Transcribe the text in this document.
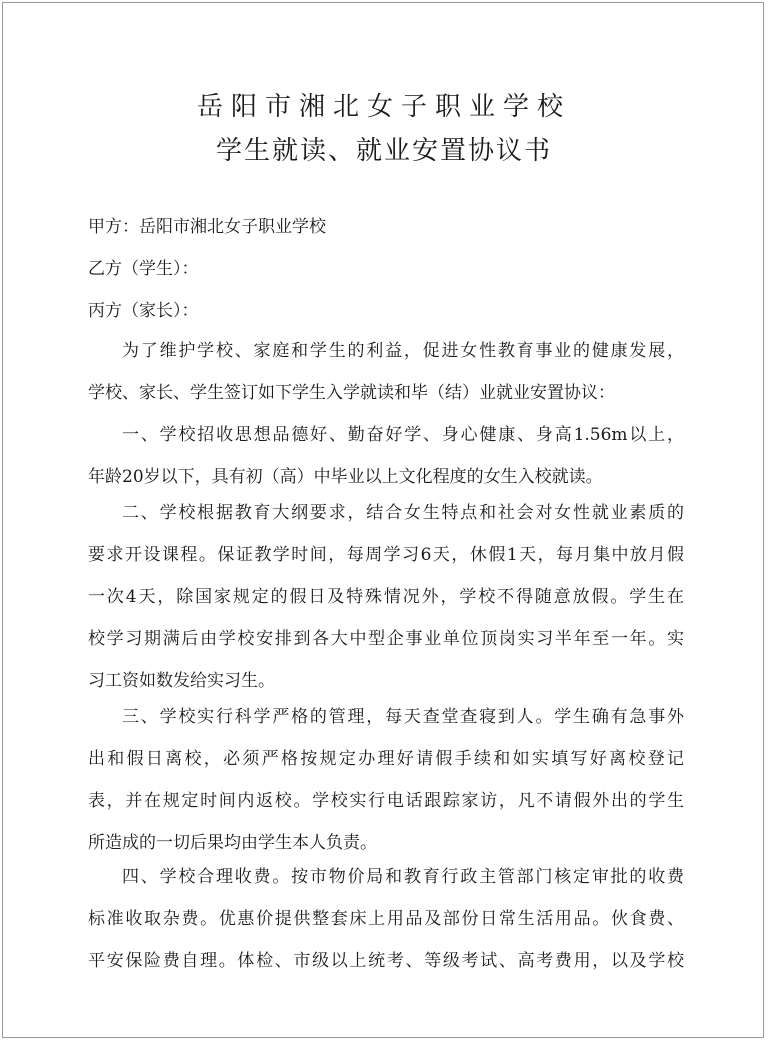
岳阳市湘北女子职业学校
学生就读、就业安置协议书
甲方：岳阳市湘北女子职业学校
乙方（学生）：
丙方（家长）：
为了维护学校、家庭和学生的利益，促进女性教育事业的健康发展，
学校、家长、学生签订如下学生入学就读和毕（结）业就业安置协议：
一、学校招收思想品德好、勤奋好学、身心健康、身高1.56m以上，
年龄20岁以下，具有初（高）中毕业以上文化程度的女生入校就读。
二、学校根据教育大纲要求，结合女生特点和社会对女性就业素质的
要求开设课程。保证教学时间，每周学习6天，休假1天，每月集中放月假
一次4天，除国家规定的假日及特殊情况外，学校不得随意放假。学生在
校学习期满后由学校安排到各大中型企事业单位顶岗实习半年至一年。实
习工资如数发给实习生。
三、学校实行科学严格的管理，每天查堂查寝到人。学生确有急事外
出和假日离校，必须严格按规定办理好请假手续和如实填写好离校登记
表，并在规定时间内返校。学校实行电话跟踪家访，凡不请假外出的学生
所造成的一切后果均由学生本人负责。
四、学校合理收费。按市物价局和教育行政主管部门核定审批的收费
标准收取杂费。优惠价提供整套床上用品及部份日常生活用品。伙食费、
平安保险费自理。体检、市级以上统考、等级考试、高考费用，以及学校
